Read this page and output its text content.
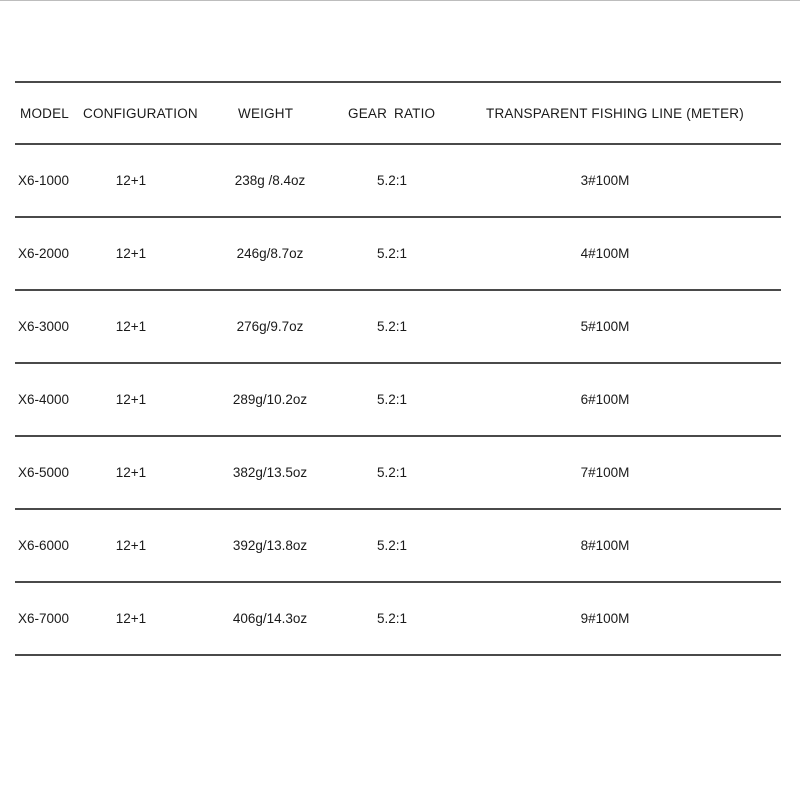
MODEL CONFIGURATION	WEIGHT	GEAR RATIO	TRANSPARENT FISHING LINE (METER)
X6-1000	12+1	238g /8.4oz	5.2:1	3#100M
X6-2000	12+1	246g/8.7oz	5.2:1	4#100M
X6-3000	12+1	276g/9.7oz	5.2:1	5#100M
X6-4000	12+1	289g/10.2oz	5.2:1	6#100M
X6-5000	12+1	382g/13.5oz	5.2:1	7#100M
X6-6000	12+1	392g/13.8oz	5.2:1	8#100M
X6-7000	12+1	406g/14.3oz	5.2:1	9#100M
